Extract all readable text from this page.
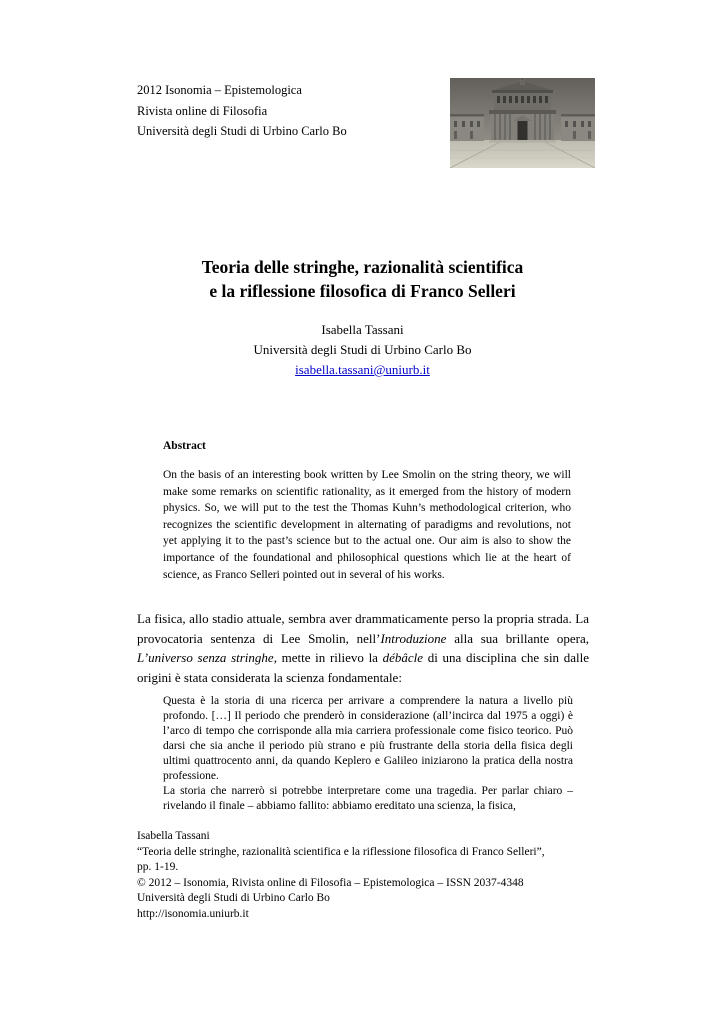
2012 Isonomia – Epistemologica
Rivista online di Filosofia
Università degli Studi di Urbino Carlo Bo
Teoria delle stringhe, razionalità scientifica
e la riflessione filosofica di Franco Selleri
Isabella Tassani
Università degli Studi di Urbino Carlo Bo
isabella.tassani@uniurb.it
Abstract
On the basis of an interesting book written by Lee Smolin on the string theory, we will make some remarks on scientific rationality, as it emerged from the history of modern physics. So, we will put to the test the Thomas Kuhn’s methodological criterion, who recognizes the scientific development in alternating of paradigms and revolutions, not yet applying it to the past’s science but to the actual one. Our aim is also to show the importance of the foundational and philosophical questions which lie at the heart of science, as Franco Selleri pointed out in several of his works.
La fisica, allo stadio attuale, sembra aver drammaticamente perso la propria strada. La provocatoria sentenza di Lee Smolin, nell’Introduzione alla sua brillante opera, L’universo senza stringhe, mette in rilievo la débâcle di una disciplina che sin dalle origini è stata considerata la scienza fondamentale:

Questa è la storia di una ricerca per arrivare a comprendere la natura a livello più profondo. […] Il periodo che prenderò in considerazione (all’incirca dal 1975 a oggi) è l’arco di tempo che corrisponde alla mia carriera professionale come fisico teorico. Può darsi che sia anche il periodo più strano e più frustrante della storia della fisica degli ultimi quattrocento anni, da quando Keplero e Galileo iniziarono la pratica della nostra professione.

La storia che narrerò si potrebbe interpretare come una tragedia. Per parlar chiaro – rivelando il finale – abbiamo fallito: abbiamo ereditato una scienza, la fisica,

Isabella Tassani
“Teoria delle stringhe, razionalità scientifica e la riflessione filosofica di Franco Selleri”,
pp. 1-19.
© 2012 – Isonomia, Rivista online di Filosofia – Epistemologica – ISSN 2037-4348
Università degli Studi di Urbino Carlo Bo
http://isonomia.uniurb.it
